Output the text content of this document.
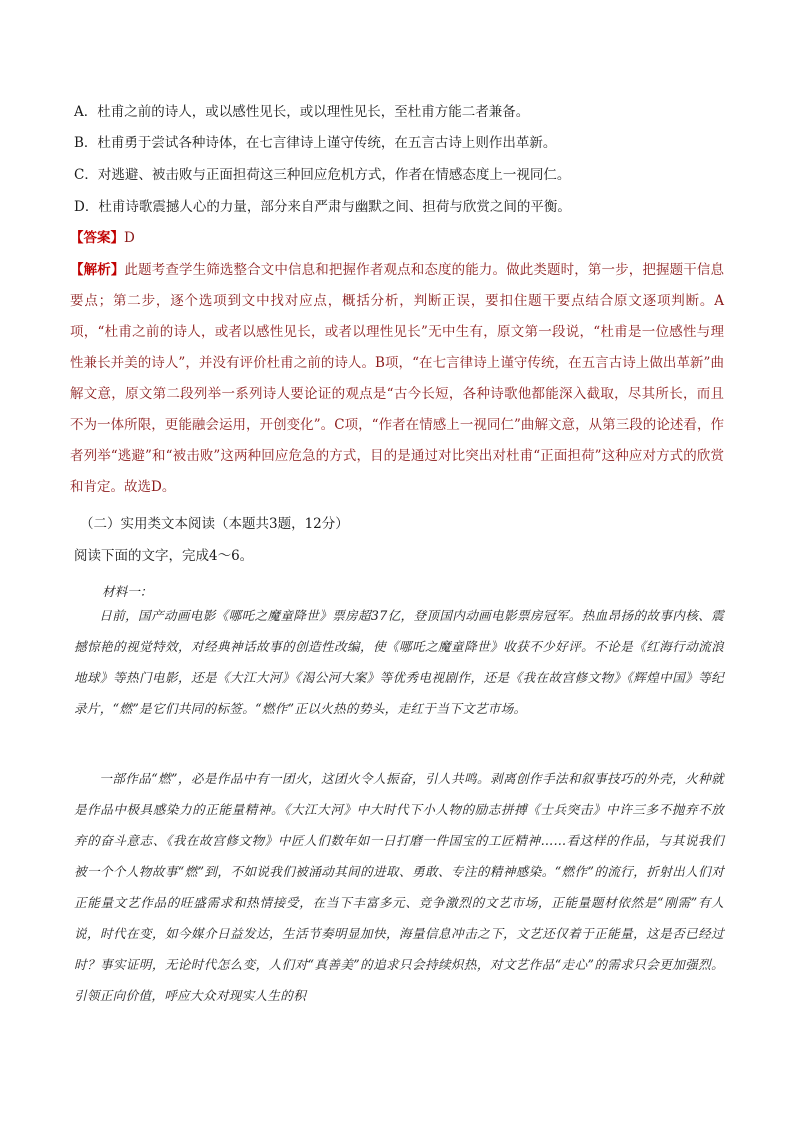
A．杜甫之前的诗人，或以感性见长，或以理性见长，至杜甫方能二者兼备。
B．杜甫勇于尝试各种诗体，在七言律诗上谨守传统，在五言古诗上则作出革新。
C．对逃避、被击败与正面担荷这三种回应危机方式，作者在情感态度上一视同仁。
D．杜甫诗歌震撼人心的力量，部分来自严肃与幽默之间、担荷与欣赏之间的平衡。
【答案】D
【解析】此题考查学生筛选整合文中信息和把握作者观点和态度的能力。做此类题时，第一步，把握题干信息要点；第二步，逐个选项到文中找对应点，概括分析，判断正误，要扣住题干要点结合原文逐项判断。A项，“杜甫之前的诗人，或者以感性见长，或者以理性见长”无中生有，原文第一段说，“杜甫是一位感性与理性兼长并美的诗人”，并没有评价杜甫之前的诗人。B项，“在七言律诗上谨守传统，在五言古诗上做出革新”曲解文意，原文第二段列举一系列诗人要论证的观点是“古今长短，各种诗歌他都能深入截取，尽其所长，而且不为一体所限，更能融会运用，开创变化”。C项，“作者在情感上一视同仁”曲解文意，从第三段的论述看，作者列举“逃避”和“被击败”这两种回应危急的方式，目的是通过对比突出对杜甫“正面担荷”这种应对方式的欣赏和肯定。故选D。
（二）实用类文本阅读（本题共3题，12分）
阅读下面的文字，完成4～6。
材料一：
日前，国产动画电影《哪吒之魔童降世》票房超37亿，登顶国内动画电影票房冠军。热血昂扬的故事内核、震撼惊艳的视觉特效，对经典神话故事的创造性改编，使《哪吒之魔童降世》收获不少好评。不论是《红海行动流浪地球》等热门电影，还是《大江大河》《渴公河大案》等优秀电视剧作，还是《我在故宫修文物》《辉煌中国》等纪录片，“燃”是它们共同的标签。“燃作”正以火热的势头，走红于当下文艺市场。
一部作品“燃”，必是作品中有一团火，这团火令人振奋，引人共鸣。剥离创作手法和叙事技巧的外壳，火种就是作品中极具感染力的正能量精神。《大江大河》中大时代下小人物的励志拼搏《士兵突击》中许三多不抛弃不放弃的奋斗意志、《我在故宫修文物》中匠人们数年如一日打磨一件国宝的工匠精神……看这样的作品，与其说我们被一个个人物故事“燃”到，不如说我们被涌动其间的进取、勇敢、专注的精神感染。“燃作”的流行，折射出人们对正能量文艺作品的旺盛需求和热情接受，在当下丰富多元、竞争激烈的文艺市场，正能量题材依然是“刚需”有人说，时代在变，如今媒介日益发达，生活节奏明显加快，海量信息冲击之下，文艺还仅着于正能量，这是否已经过时？事实证明，无论时代怎么变，人们对“真善美”的追求只会持续炽热，对文艺作品“走心”的需求只会更加强烈。引领正向价值，呼应大众对现实人生的积
